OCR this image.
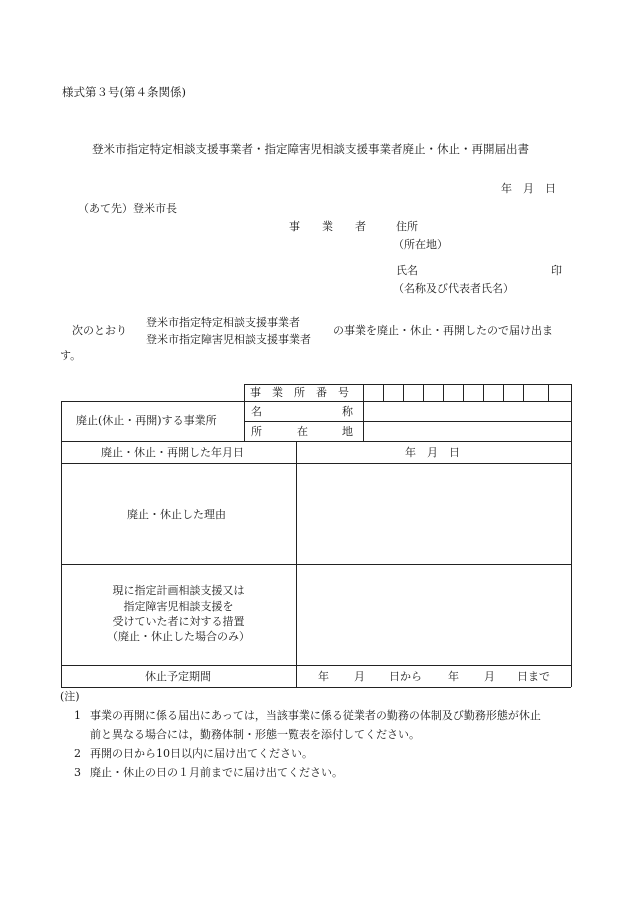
様式第３号(第４条関係)
登米市指定特定相談支援事業者・指定障害児相談支援事業者廃止・休止・再開届出書
年　月　日
（あて先）登米市長
事　　業　　者	住所
（所在地）
氏名	印
（名称及び代表者氏名）
次のとおり
登米市指定特定相談支援事業者
登米市指定障害児相談支援事業者
の事業を廃止・休止・再開したので届け出ま
す。
事　業　所　番　号
廃止(休止・再開)する事業所
名	称
所	在	地
廃止・休止・再開した年月日	年　月　日
廃止・休止した理由
現に指定計画相談支援又は
指定障害児相談支援を
受けていた者に対する措置
（廃止・休止した場合のみ）
休止予定期間	年 月 日から 年 月 日まで
(注)
1 事業の再開に係る届出にあっては，当該事業に係る従業者の勤務の体制及び勤務形態が休止
前と異なる場合には，勤務体制・形態一覧表を添付してください。
2 再開の日から10日以内に届け出てください。
3 廃止・休止の日の１月前までに届け出てください。
